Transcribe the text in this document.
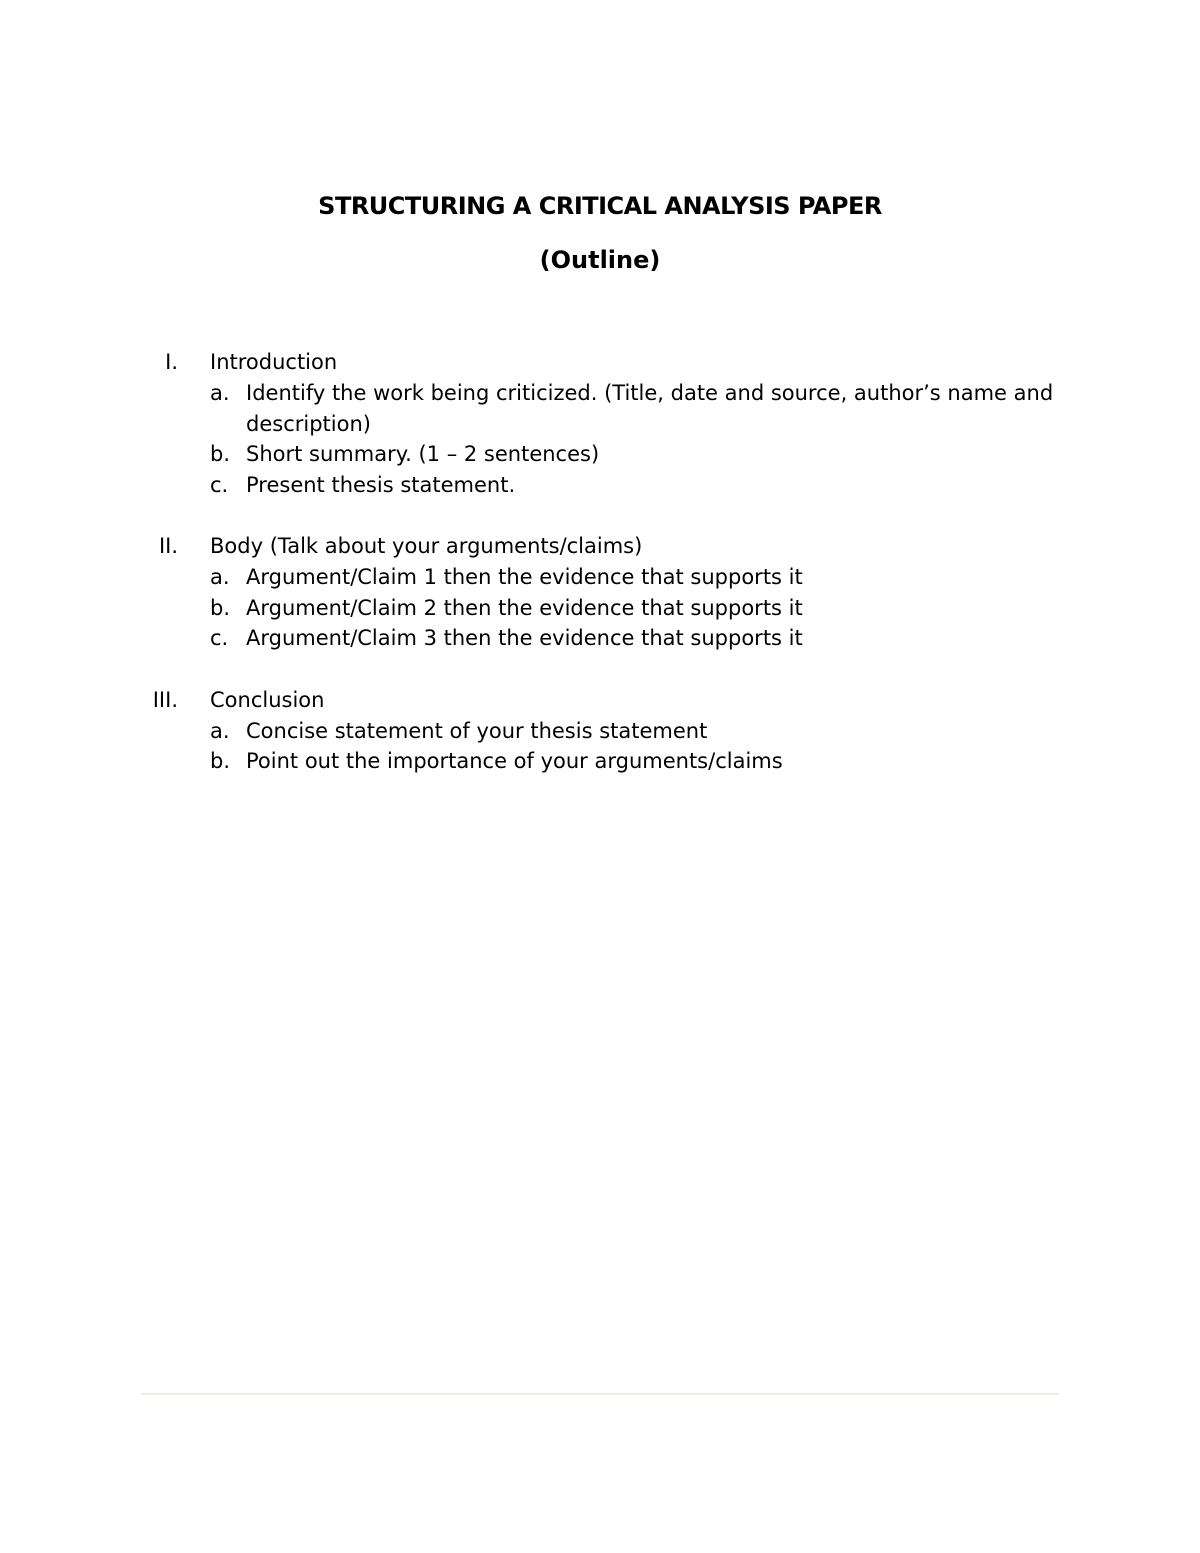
STRUCTURING A CRITICAL ANALYSIS PAPER
(Outline)
I. Introduction
a. Identify the work being criticized. (Title, date and source, author’s name and description)
b. Short summary. (1 – 2 sentences)
c. Present thesis statement.
II. Body (Talk about your arguments/claims)
a. Argument/Claim 1 then the evidence that supports it
b. Argument/Claim 2 then the evidence that supports it
c. Argument/Claim 3 then the evidence that supports it
III. Conclusion
a. Concise statement of your thesis statement
b. Point out the importance of your arguments/claims
